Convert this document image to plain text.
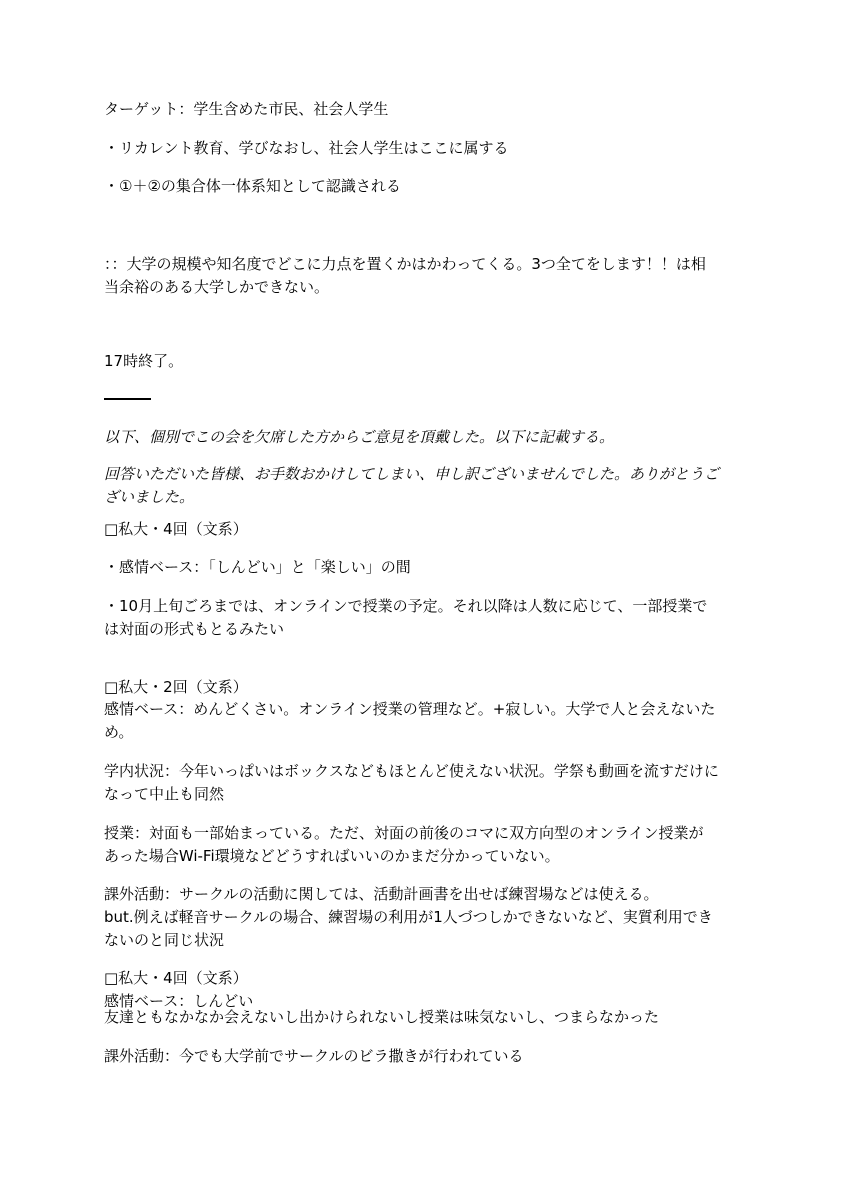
ターゲット：学生含めた市民、社会人学生
・リカレント教育、学びなおし、社会人学生はここに属する
・①＋②の集合体一体系知として認識される
：：大学の規模や知名度でどこに力点を置くかはかわってくる。3つ全てをします！！は相
当余裕のある大学しかできない。
17時終了。
以下、個別でこの会を欠席した方からご意見を頂戴した。以下に記載する。
回答いただいた皆様、お手数おかけしてしまい、申し訳ございませんでした。ありがとうご
ざいました。
□私大・4回（文系）
・感情ベース：「しんどい」と「楽しい」の間
・10月上旬ごろまでは、オンラインで授業の予定。それ以降は人数に応じて、一部授業で
は対面の形式もとるみたい
□私大・2回（文系）
感情ベース：めんどくさい。オンライン授業の管理など。+寂しい。大学で人と会えないた
め。
学内状況：今年いっぱいはボックスなどもほとんど使えない状況。学祭も動画を流すだけに
なって中止も同然
授業：対面も一部始まっている。ただ、対面の前後のコマに双方向型のオンライン授業が
あった場合Wi-Fi環境などどうすればいいのかまだ分かっていない。
課外活動：サークルの活動に関しては、活動計画書を出せば練習場などは使える。
but.例えば軽音サークルの場合、練習場の利用が1人づつしかできないなど、実質利用でき
ないのと同じ状況
□私大・4回（文系）
感情ベース：しんどい
友達ともなかなか会えないし出かけられないし授業は味気ないし、つまらなかった
課外活動：今でも大学前でサークルのビラ撒きが行われている
